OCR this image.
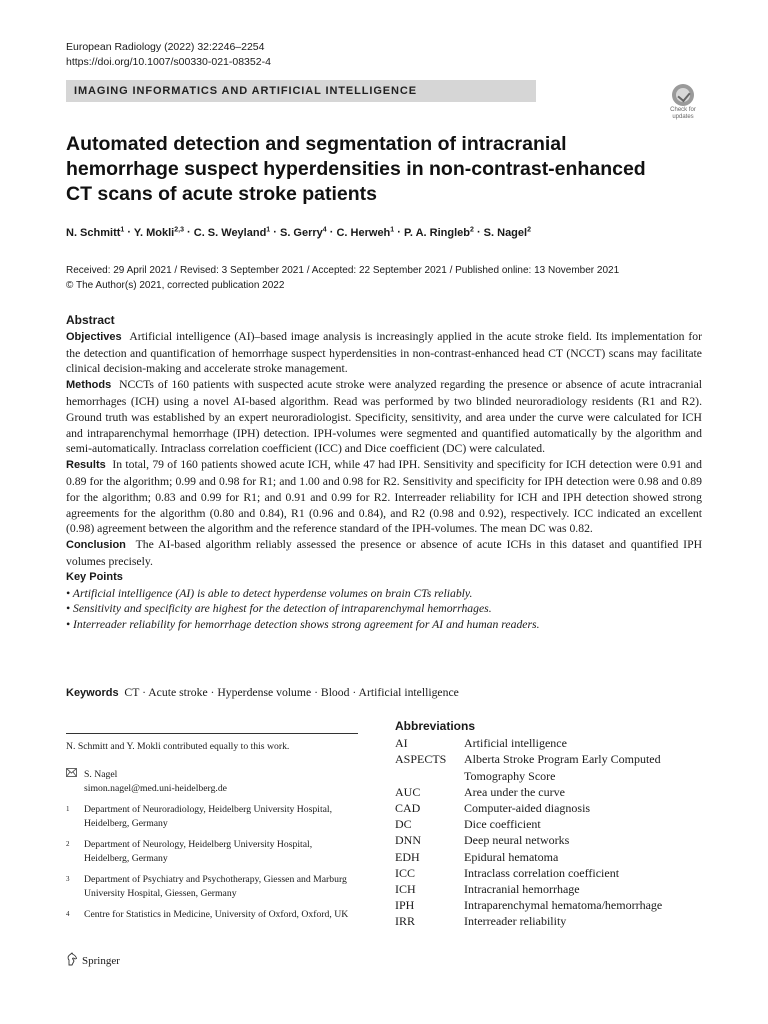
European Radiology (2022) 32:2246–2254
https://doi.org/10.1007/s00330-021-08352-4
IMAGING INFORMATICS AND ARTIFICIAL INTELLIGENCE
Check for updates
Automated detection and segmentation of intracranial hemorrhage suspect hyperdensities in non-contrast-enhanced CT scans of acute stroke patients
N. Schmitt$^1$ · Y. Mokli$^{2,3}$ · C. S. Weyland$^1$ · S. Gerry$^4$ · C. Herweh$^1$ · P. A. Ringleb$^2$ · S. Nagel$^2$
Received: 29 April 2021 / Revised: 3 September 2021 / Accepted: 22 September 2021 / Published online: 13 November 2021
© The Author(s) 2021, corrected publication 2022
Abstract

Objectives Artificial intelligence (AI)–based image analysis is increasingly applied in the acute stroke field. Its implementation for the detection and quantification of hemorrhage suspect hyperdensities in non-contrast-enhanced head CT (NCCT) scans may facilitate clinical decision-making and accelerate stroke management.

Methods NCCTs of 160 patients with suspected acute stroke were analyzed regarding the presence or absence of acute intracranial hemorrhages (ICH) using a novel AI-based algorithm. Read was performed by two blinded neuroradiology residents (R1 and R2). Ground truth was established by an expert neuroradiologist. Specificity, sensitivity, and area under the curve were calculated for ICH and intraparenchymal hemorrhage (IPH) detection. IPH-volumes were segmented and quantified automatically by the algorithm and semi-automatically. Intraclass correlation coefficient (ICC) and Dice coefficient (DC) were calculated.

Results In total, 79 of 160 patients showed acute ICH, while 47 had IPH. Sensitivity and specificity for ICH detection were 0.91 and 0.89 for the algorithm; 0.99 and 0.98 for R1; and 1.00 and 0.98 for R2. Sensitivity and specificity for IPH detection were 0.98 and 0.89 for the algorithm; 0.83 and 0.99 for R1; and 0.91 and 0.99 for R2. Interreader reliability for ICH and IPH detection showed strong agreements for the algorithm (0.80 and 0.84), R1 (0.96 and 0.84), and R2 (0.98 and 0.92), respectively. ICC indicated an excellent (0.98) agreement between the algorithm and the reference standard of the IPH-volumes. The mean DC was 0.82.

Conclusion The AI-based algorithm reliably assessed the presence or absence of acute ICHs in this dataset and quantified IPH volumes precisely.

Key Points
• Artificial intelligence (AI) is able to detect hyperdense volumes on brain CTs reliably.
• Sensitivity and specificity are highest for the detection of intraparenchymal hemorrhages.
• Interreader reliability for hemorrhage detection shows strong agreement for AI and human readers.
Keywords CT · Acute stroke · Hyperdense volume · Blood · Artificial intelligence
N. Schmitt and Y. Mokli contributed equally to this work.
S. Nagel
simon.nagel@med.uni-heidelberg.de
1	Department of Neuroradiology, Heidelberg University Hospital, Heidelberg, Germany
2	Department of Neurology, Heidelberg University Hospital, Heidelberg, Germany
3	Department of Psychiatry and Psychotherapy, Giessen and Marburg University Hospital, Giessen, Germany
4	Centre for Statistics in Medicine, University of Oxford, Oxford, UK
Abbreviations
AI	Artificial intelligence
ASPECTS	Alberta Stroke Program Early Computed Tomography Score
AUC	Area under the curve
CAD	Computer-aided diagnosis
DC	Dice coefficient
DNN	Deep neural networks
EDH	Epidural hematoma
ICC	Intraclass correlation coefficient
ICH	Intracranial hemorrhage
IPH	Intraparenchymal hematoma/hemorrhage
IRR	Interreader reliability
Springer
